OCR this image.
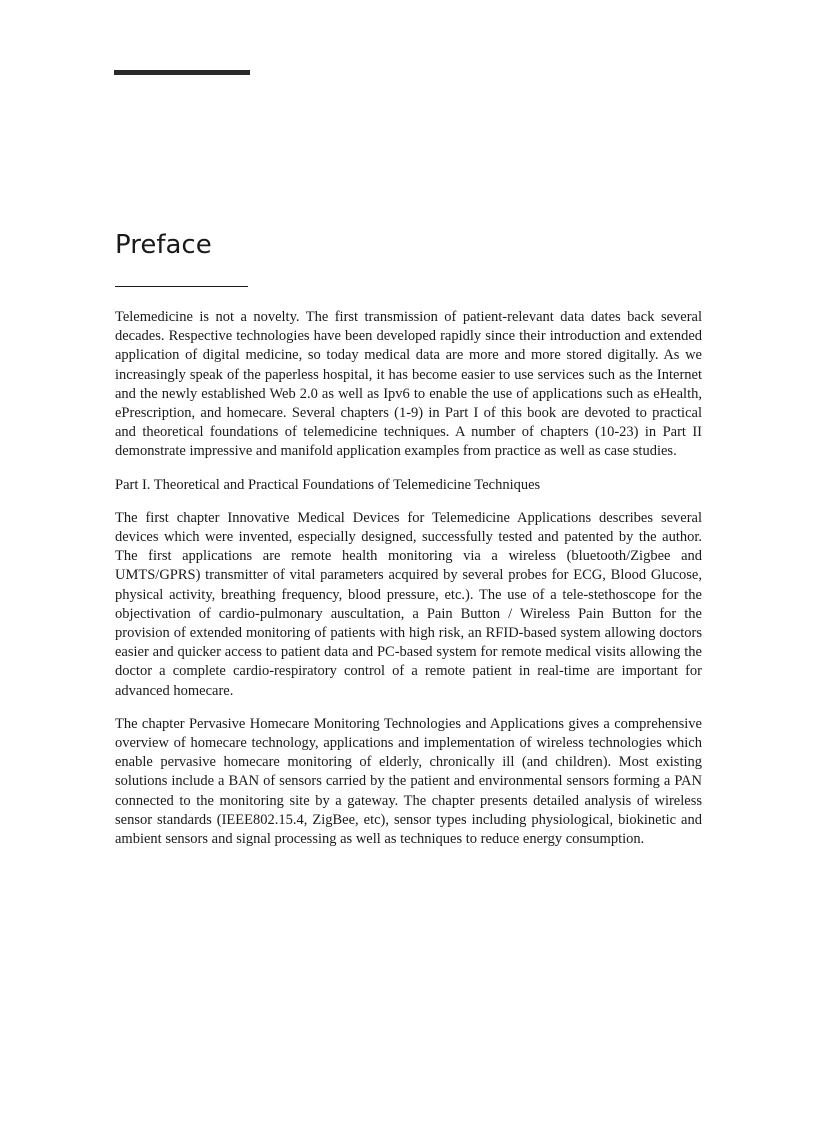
Preface

Telemedicine is not a novelty. The first transmission of patient-relevant data dates back several decades. Respective technologies have been developed rapidly since their introduction and extended application of digital medicine, so today medical data are more and more stored digitally. As we increasingly speak of the paperless hospital, it has become easier to use services such as the Internet and the newly established Web 2.0 as well as Ipv6 to enable the use of applications such as eHealth, ePrescription, and homecare. Several chapters (1-9) in Part I of this book are devoted to practical and theoretical foundations of telemedicine techniques. A number of chapters (10-23) in Part II demonstrate impressive and manifold application examples from practice as well as case studies.

Part I. Theoretical and Practical Foundations of Telemedicine Techniques

The first chapter Innovative Medical Devices for Telemedicine Applications describes several devices which were invented, especially designed, successfully tested and patented by the author. The first applications are remote health monitoring via a wireless (bluetooth/Zigbee and UMTS/GPRS) transmitter of vital parameters acquired by several probes for ECG, Blood Glucose, physical activity, breathing frequency, blood pressure, etc.). The use of a tele-stethoscope for the objectivation of cardio-pulmonary auscultation, a Pain Button / Wireless Pain Button for the provision of extended monitoring of patients with high risk, an RFID-based system allowing doctors easier and quicker access to patient data and PC-based system for remote medical visits allowing the doctor a complete cardio-respiratory control of a remote patient in real-time are important for advanced homecare.

The chapter Pervasive Homecare Monitoring Technologies and Applications gives a comprehensive overview of homecare technology, applications and implementation of wireless technologies which enable pervasive homecare monitoring of elderly, chronically ill (and children). Most existing solutions include a BAN of sensors carried by the patient and environmental sensors forming a PAN connected to the monitoring site by a gateway. The chapter presents detailed analysis of wireless sensor standards (IEEE802.15.4, ZigBee, etc), sensor types including physiological, biokinetic and ambient sensors and signal processing as well as techniques to reduce energy consumption.
